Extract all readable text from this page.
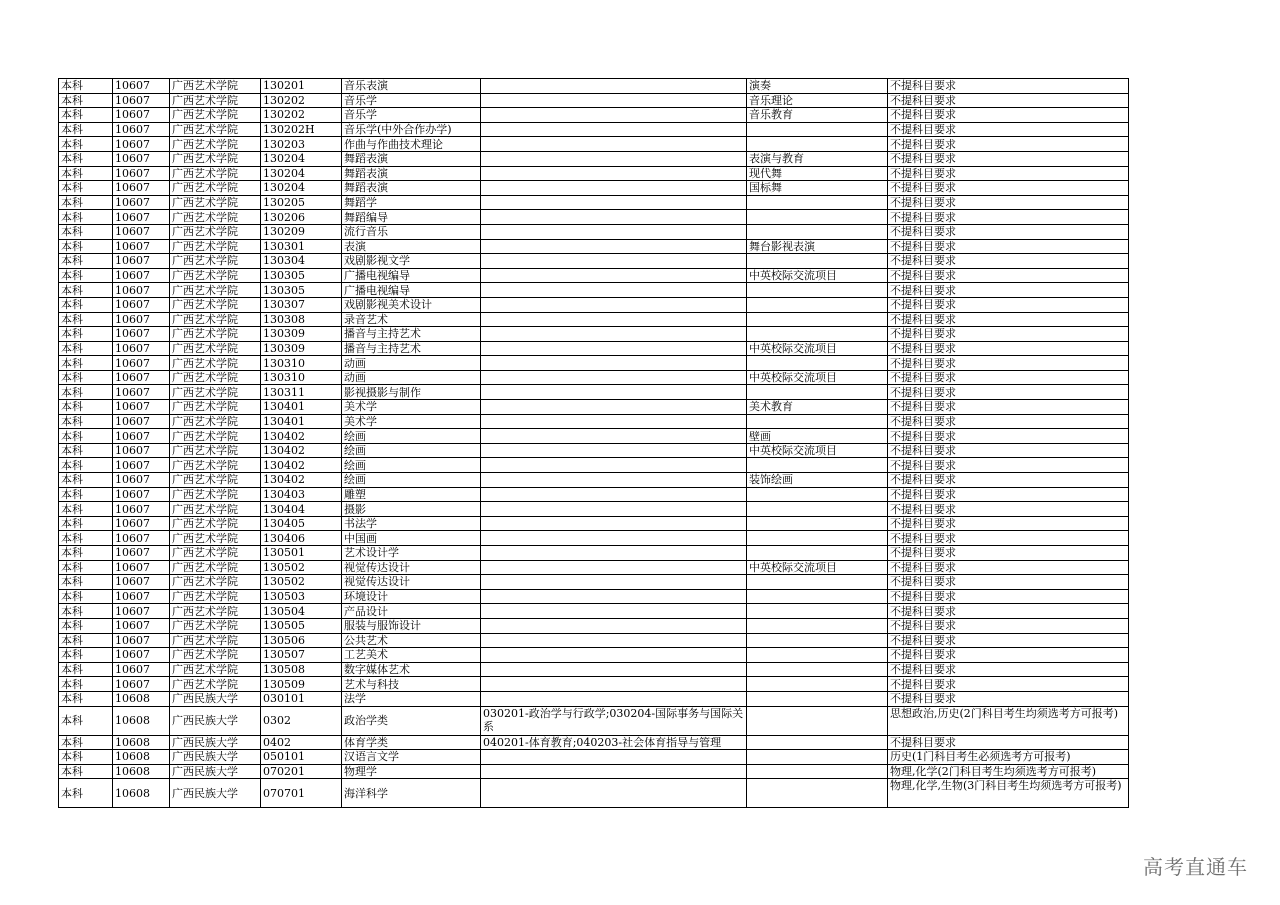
本科	10607	广西艺术学院	130201	音乐表演		演奏	不提科目要求
本科	10607	广西艺术学院	130202	音乐学		音乐理论	不提科目要求
本科	10607	广西艺术学院	130202	音乐学		音乐教育	不提科目要求
本科	10607	广西艺术学院	130202H	音乐学(中外合作办学)			不提科目要求
本科	10607	广西艺术学院	130203	作曲与作曲技术理论			不提科目要求
本科	10607	广西艺术学院	130204	舞蹈表演		表演与教育	不提科目要求
本科	10607	广西艺术学院	130204	舞蹈表演		现代舞	不提科目要求
本科	10607	广西艺术学院	130204	舞蹈表演		国标舞	不提科目要求
本科	10607	广西艺术学院	130205	舞蹈学			不提科目要求
本科	10607	广西艺术学院	130206	舞蹈编导			不提科目要求
本科	10607	广西艺术学院	130209	流行音乐			不提科目要求
本科	10607	广西艺术学院	130301	表演		舞台影视表演	不提科目要求
本科	10607	广西艺术学院	130304	戏剧影视文学			不提科目要求
本科	10607	广西艺术学院	130305	广播电视编导		中英校际交流项目	不提科目要求
本科	10607	广西艺术学院	130305	广播电视编导			不提科目要求
本科	10607	广西艺术学院	130307	戏剧影视美术设计			不提科目要求
本科	10607	广西艺术学院	130308	录音艺术			不提科目要求
本科	10607	广西艺术学院	130309	播音与主持艺术			不提科目要求
本科	10607	广西艺术学院	130309	播音与主持艺术		中英校际交流项目	不提科目要求
本科	10607	广西艺术学院	130310	动画			不提科目要求
本科	10607	广西艺术学院	130310	动画		中英校际交流项目	不提科目要求
本科	10607	广西艺术学院	130311	影视摄影与制作			不提科目要求
本科	10607	广西艺术学院	130401	美术学		美术教育	不提科目要求
本科	10607	广西艺术学院	130401	美术学			不提科目要求
本科	10607	广西艺术学院	130402	绘画		壁画	不提科目要求
本科	10607	广西艺术学院	130402	绘画		中英校际交流项目	不提科目要求
本科	10607	广西艺术学院	130402	绘画			不提科目要求
本科	10607	广西艺术学院	130402	绘画		装饰绘画	不提科目要求
本科	10607	广西艺术学院	130403	雕塑			不提科目要求
本科	10607	广西艺术学院	130404	摄影			不提科目要求
本科	10607	广西艺术学院	130405	书法学			不提科目要求
本科	10607	广西艺术学院	130406	中国画			不提科目要求
本科	10607	广西艺术学院	130501	艺术设计学			不提科目要求
本科	10607	广西艺术学院	130502	视觉传达设计		中英校际交流项目	不提科目要求
本科	10607	广西艺术学院	130502	视觉传达设计			不提科目要求
本科	10607	广西艺术学院	130503	环境设计			不提科目要求
本科	10607	广西艺术学院	130504	产品设计			不提科目要求
本科	10607	广西艺术学院	130505	服装与服饰设计			不提科目要求
本科	10607	广西艺术学院	130506	公共艺术			不提科目要求
本科	10607	广西艺术学院	130507	工艺美术			不提科目要求
本科	10607	广西艺术学院	130508	数字媒体艺术			不提科目要求
本科	10607	广西艺术学院	130509	艺术与科技			不提科目要求
本科	10608	广西民族大学	030101	法学			不提科目要求
本科	10608	广西民族大学	0302	政治学类	030201-政治学与行政学;030204-国际事务与国际关系		思想政治,历史(2门科目考生均须选考方可报考)
本科	10608	广西民族大学	0402	体育学类	040201-体育教育;040203-社会体育指导与管理		不提科目要求
本科	10608	广西民族大学	050101	汉语言文学			历史(1门科目考生必须选考方可报考)
本科	10608	广西民族大学	070201	物理学			物理,化学(2门科目考生均须选考方可报考)
本科	10608	广西民族大学	070701	海洋科学			物理,化学,生物(3门科目考生均须选考方可报考)
高考直通车
